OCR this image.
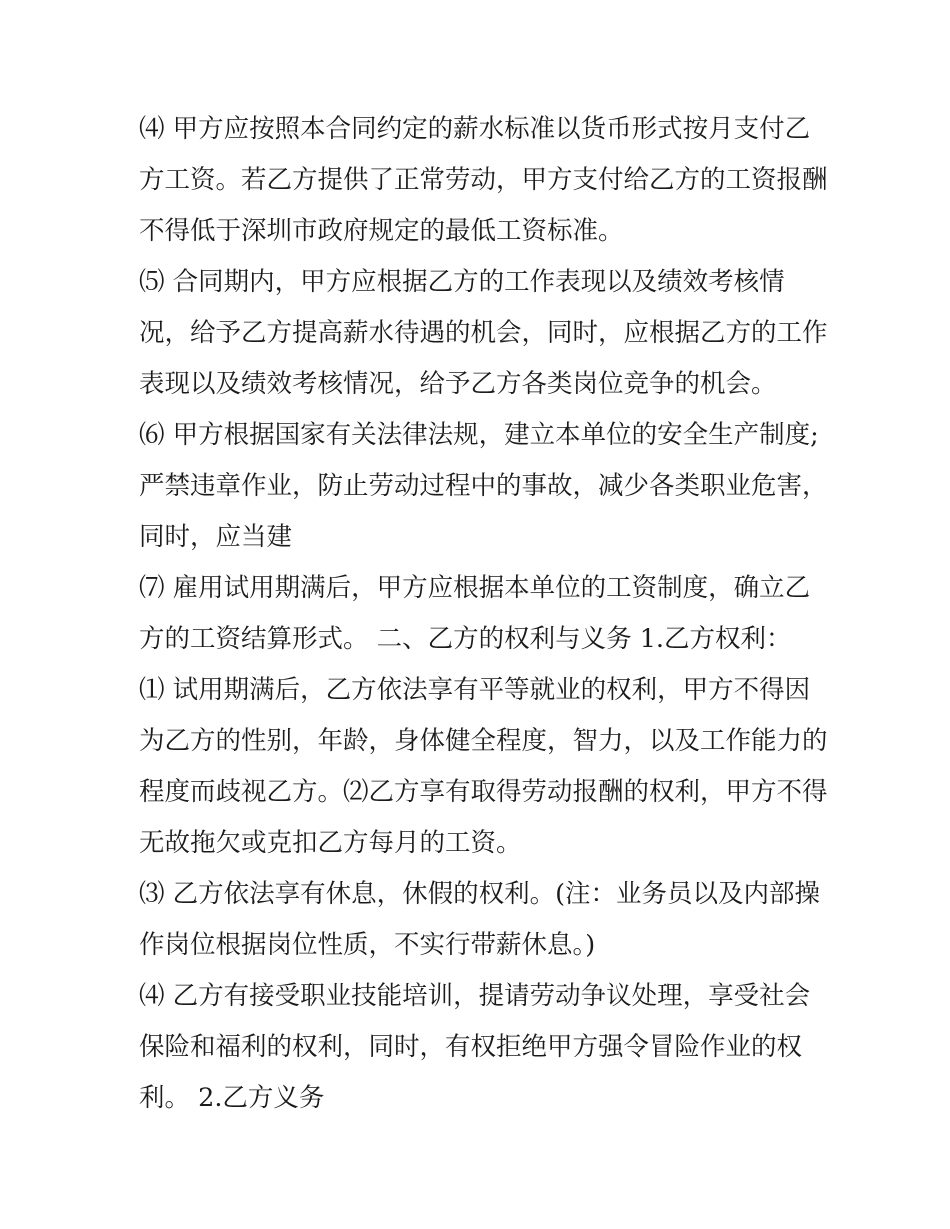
⑷ 甲方应按照本合同约定的薪水标准以货币形式按月支付乙
方工资。若乙方提供了正常劳动，甲方支付给乙方的工资报酬
不得低于深圳市政府规定的最低工资标准。
⑸ 合同期内，甲方应根据乙方的工作表现以及绩效考核情
况，给予乙方提高薪水待遇的机会，同时，应根据乙方的工作
表现以及绩效考核情况，给予乙方各类岗位竞争的机会。
⑹ 甲方根据国家有关法律法规，建立本单位的安全生产制度;
严禁违章作业，防止劳动过程中的事故，减少各类职业危害，
同时，应当建
⑺ 雇用试用期满后，甲方应根据本单位的工资制度，确立乙
方的工资结算形式。 二、乙方的权利与义务 1.乙方权利：
⑴ 试用期满后，乙方依法享有平等就业的权利，甲方不得因
为乙方的性别，年龄，身体健全程度，智力，以及工作能力的
程度而歧视乙方。⑵乙方享有取得劳动报酬的权利，甲方不得
无故拖欠或克扣乙方每月的工资。
⑶ 乙方依法享有休息，休假的权利。(注：业务员以及内部操
作岗位根据岗位性质，不实行带薪休息。)
⑷ 乙方有接受职业技能培训，提请劳动争议处理，享受社会
保险和福利的权利，同时，有权拒绝甲方强令冒险作业的权
利。 2.乙方义务
